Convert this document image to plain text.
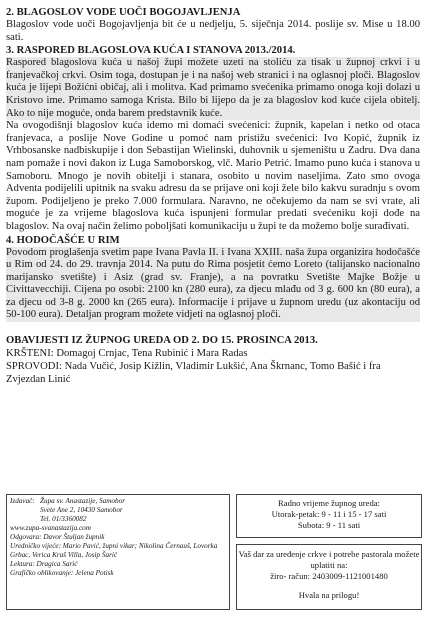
2. BLAGOSLOV VODE UOČI BOGOJAVLJENJA

Blagoslov vode uoči Bogojavljenja bit će u nedjelju, 5. siječnja 2014. poslije sv. Mise u 18.00 sati.

3. RASPORED BLAGOSLOVA KUĆA I STANOVA 2013./2014.

Raspored blagoslova kuća u našoj župi možete uzeti na stoliću za tisak u župnoj crkvi i u franjevačkoj crkvi. Osim toga, dostupan je i na našoj web stranici i na oglasnoj ploči. Blagoslov kuća je lijepi Božićni običaj, ali i molitva. Kad primamo svećenika primamo onoga koji dolazi u Kristovo ime. Primamo samoga Krista. Bilo bi lijepo da je za blagoslov kod kuće cijela obitelj. Ako to nije moguće, onda barem predstavnik kuće.

Na ovogodišnji blagoslov kuća idemo mi domaći svećenici: župnik, kapelan i netko od otaca franjevaca, a poslije Nove Godine u pomoć nam pristižu svećenici: Ivo Kopić, župnik iz Vrhbosanske nadbiskupije i don Sebastijan Wielinski, duhovnik u sjemeništu u Zadru. Dva dana nam pomaže i novi đakon iz Luga Samoborskog, vlč. Mario Petrić. Imamo puno kuća i stanova u Samoboru. Mnogo je novih obitelji i stanara, osobito u novim naseljima. Zato smo ovoga Adventa podijelili upitnik na svaku adresu da se prijave oni koji žele bilo kakvu suradnju s ovom župom. Podijeljeno je preko 7.000 formulara. Naravno, ne očekujemo da nam se svi vrate, ali moguće je za vrijeme blagoslova kuća ispunjeni formular predati svećeniku koji dođe na blagoslov. Na ovaj način želimo poboljšati komunikaciju u župi te da možemo bolje surađivati.

4. HODOČAŠĆE U RIM

Povodom proglašenja svetim pape Ivana Pavla II. i Ivana XXIII. naša župa organizira hodočašće u Rim od 24. do 29. travnja 2014. Na putu do Rima posjetit ćemo Loreto (talijansko nacionalno marijansko svetište) i Asiz (grad sv. Franje), a na povratku Svetište Majke Božje u Civittavecchiji. Cijena po osobi: 2100 kn (280 eura), za djecu mlađu od 3 g. 600 kn (80 eura), a za djecu od 3-8 g. 2000 kn (265 eura). Informacije i prijave u župnom uredu (uz akontaciju od 50-100 eura). Detaljan program možete vidjeti na oglasnoj ploči.

OBAVIJESTI IZ ŽUPNOG UREDA OD 2. DO 15. PROSINCA 2013.

KRŠTENI: Domagoj Crnjac, Tena Rubinić i Mara Radas

SPROVODI: Nada Vučić, Josip Kižlin, Vladimir Lukšić, Ana Škrnanc, Tomo Bašić i fra Zvjezdan Linić

Izdavač: Župa sv. Anastazije, Samobor
Svete Ane 2, 10430 Samobor
Tel. 01/3360082
www.zupa-svanastazija.com
Odgovara: Davor Štuljan župnik
Uredničko vijeće: Mario Pavić, župni vikar; Nikolina Černauš, Lovorka Grbac, Verica Kraš Villa, Josip Šarić
Lektura: Dragica Sarić
Grafičko oblikovanje: Jelena Potisk
Radno vrijeme župnog ureda:
Utorak-petak: 9 - 11 i 15 - 17 sati
Subota: 9 - 11 sati
Vaš dar za uređenje crkve i potrebe pastorala možete
uplatiti na:
žiro- račun: 2403009-1121001480
Hvala na prilogu!
